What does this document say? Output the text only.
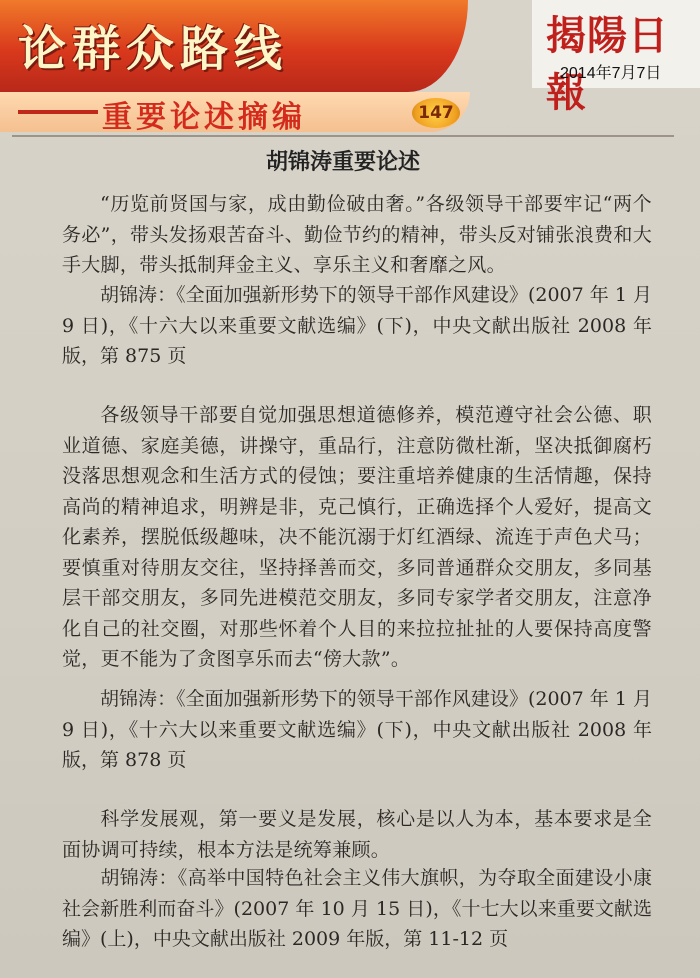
论群众路线
重要论述摘编	147
揭陽日報
2014年7月7日
胡锦涛重要论述

“历览前贤国与家，成由勤俭破由奢。”各级领导干部要牢记“两个务必”，带头发扬艰苦奋斗、勤俭节约的精神，带头反对铺张浪费和大手大脚，带头抵制拜金主义、享乐主义和奢靡之风。

胡锦涛：《全面加强新形势下的领导干部作风建设》(2007 年 1 月 9 日)，《十六大以来重要文献选编》(下)，中央文献出版社 2008 年版，第 875 页

各级领导干部要自觉加强思想道德修养，模范遵守社会公德、职业道德、家庭美德，讲操守，重品行，注意防微杜渐，坚决抵御腐朽没落思想观念和生活方式的侵蚀；要注重培养健康的生活情趣，保持高尚的精神追求，明辨是非，克己慎行，正确选择个人爱好，提高文化素养，摆脱低级趣味，决不能沉溺于灯红酒绿、流连于声色犬马；要慎重对待朋友交往，坚持择善而交，多同普通群众交朋友，多同基层干部交朋友，多同先进模范交朋友，多同专家学者交朋友，注意净化自己的社交圈，对那些怀着个人目的来拉拉扯扯的人要保持高度警觉，更不能为了贪图享乐而去“傍大款”。

胡锦涛：《全面加强新形势下的领导干部作风建设》(2007 年 1 月 9 日)，《十六大以来重要文献选编》(下)，中央文献出版社 2008 年版，第 878 页

科学发展观，第一要义是发展，核心是以人为本，基本要求是全面协调可持续，根本方法是统筹兼顾。

胡锦涛：《高举中国特色社会主义伟大旗帜，为夺取全面建设小康社会新胜利而奋斗》(2007 年 10 月 15 日)，《十七大以来重要文献选编》(上)，中央文献出版社 2009 年版，第 11-12 页
